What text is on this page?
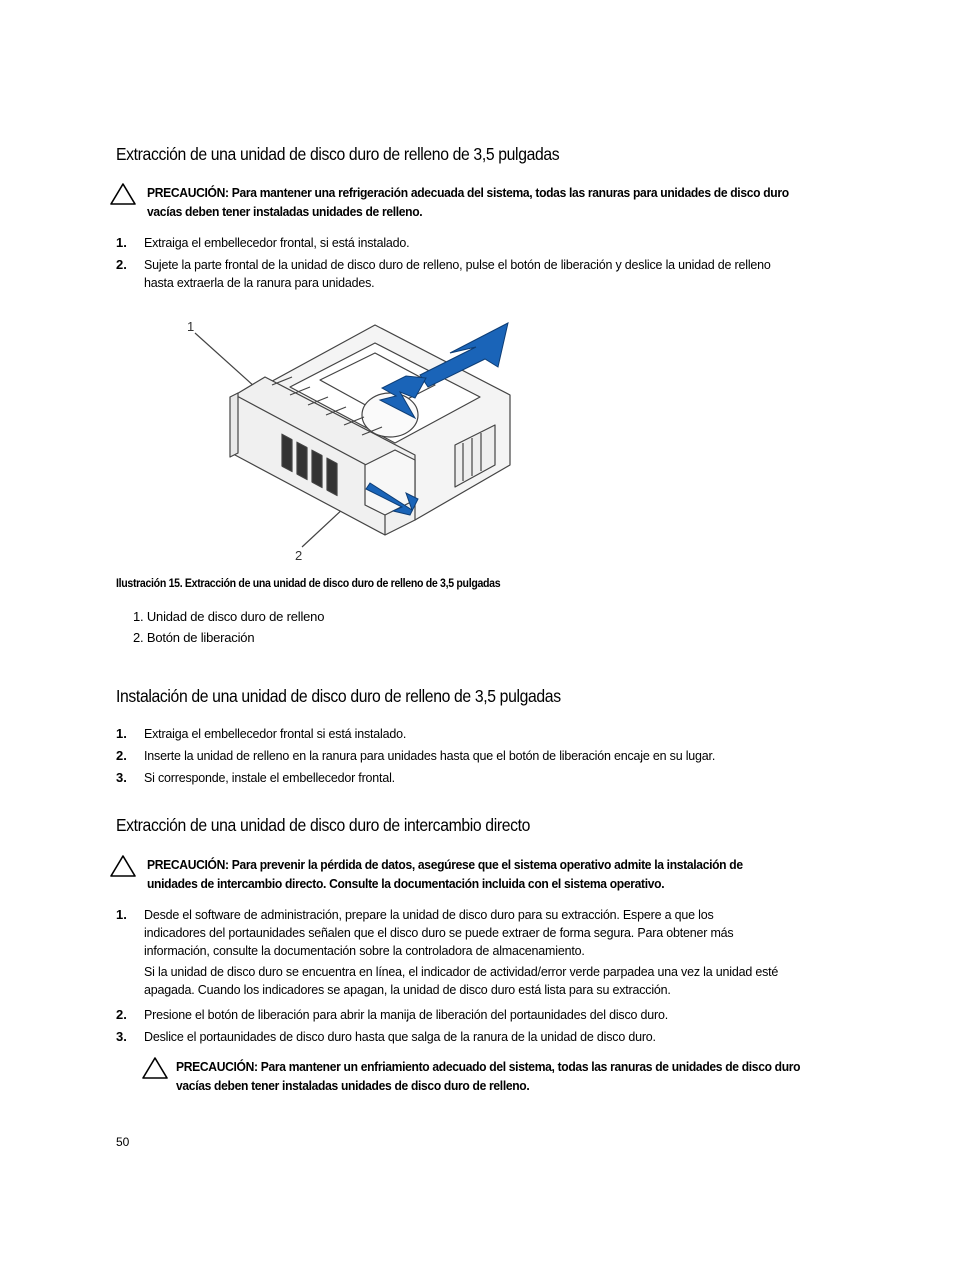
Extracción de una unidad de disco duro de relleno de 3,5 pulgadas
PRECAUCIÓN: Para mantener una refrigeración adecuada del sistema, todas las ranuras para unidades de disco duro vacías deben tener instaladas unidades de relleno.
1. Extraiga el embellecedor frontal, si está instalado.
2. Sujete la parte frontal de la unidad de disco duro de relleno, pulse el botón de liberación y deslice la unidad de relleno hasta extraerla de la ranura para unidades.
1
2
Ilustración 15. Extracción de una unidad de disco duro de relleno de 3,5 pulgadas
1. Unidad de disco duro de relleno
2. Botón de liberación
Instalación de una unidad de disco duro de relleno de 3,5 pulgadas
1. Extraiga el embellecedor frontal si está instalado.
2. Inserte la unidad de relleno en la ranura para unidades hasta que el botón de liberación encaje en su lugar.
3. Si corresponde, instale el embellecedor frontal.
Extracción de una unidad de disco duro de intercambio directo
PRECAUCIÓN: Para prevenir la pérdida de datos, asegúrese que el sistema operativo admite la instalación de unidades de intercambio directo. Consulte la documentación incluida con el sistema operativo.
1. Desde el software de administración, prepare la unidad de disco duro para su extracción. Espere a que los indicadores del portaunidades señalen que el disco duro se puede extraer de forma segura. Para obtener más información, consulte la documentación sobre la controladora de almacenamiento.
Si la unidad de disco duro se encuentra en línea, el indicador de actividad/error verde parpadea una vez la unidad esté apagada. Cuando los indicadores se apagan, la unidad de disco duro está lista para su extracción.
2. Presione el botón de liberación para abrir la manija de liberación del portaunidades del disco duro.
3. Deslice el portaunidades de disco duro hasta que salga de la ranura de la unidad de disco duro.
PRECAUCIÓN: Para mantener un enfriamiento adecuado del sistema, todas las ranuras de unidades de disco duro vacías deben tener instaladas unidades de disco duro de relleno.
50
